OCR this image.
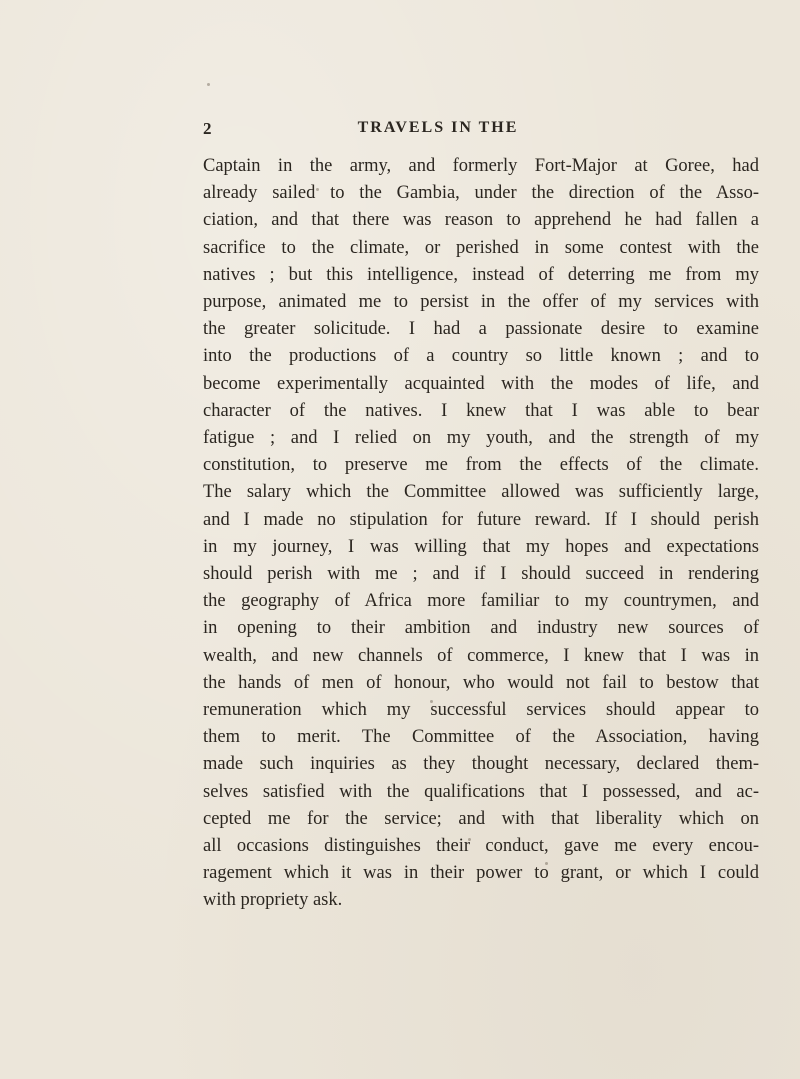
2	TRAVELS IN THE
Captain in the army, and formerly Fort-Major at Goree, had
already sailed to the Gambia, under the direction of the Asso-
ciation, and that there was reason to apprehend he had fallen a
sacrifice to the climate, or perished in some contest with the
natives ; but this intelligence, instead of deterring me from my
purpose, animated me to persist in the offer of my services with
the greater solicitude. I had a passionate desire to examine
into the productions of a country so little known ; and to
become experimentally acquainted with the modes of life, and
character of the natives. I knew that I was able to bear
fatigue ; and I relied on my youth, and the strength of my
constitution, to preserve me from the effects of the climate.
The salary which the Committee allowed was sufficiently large,
and I made no stipulation for future reward. If I should perish
in my journey, I was willing that my hopes and expectations
should perish with me ; and if I should succeed in rendering
the geography of Africa more familiar to my countrymen, and
in opening to their ambition and industry new sources of
wealth, and new channels of commerce, I knew that I was in
the hands of men of honour, who would not fail to bestow that
remuneration which my successful services should appear to
them to merit. The Committee of the Association, having
made such inquiries as they thought necessary, declared them-
selves satisfied with the qualifications that I possessed, and ac-
cepted me for the service; and with that liberality which on
all occasions distinguishes their conduct, gave me every encou-
ragement which it was in their power to grant, or which I could
with propriety ask.
